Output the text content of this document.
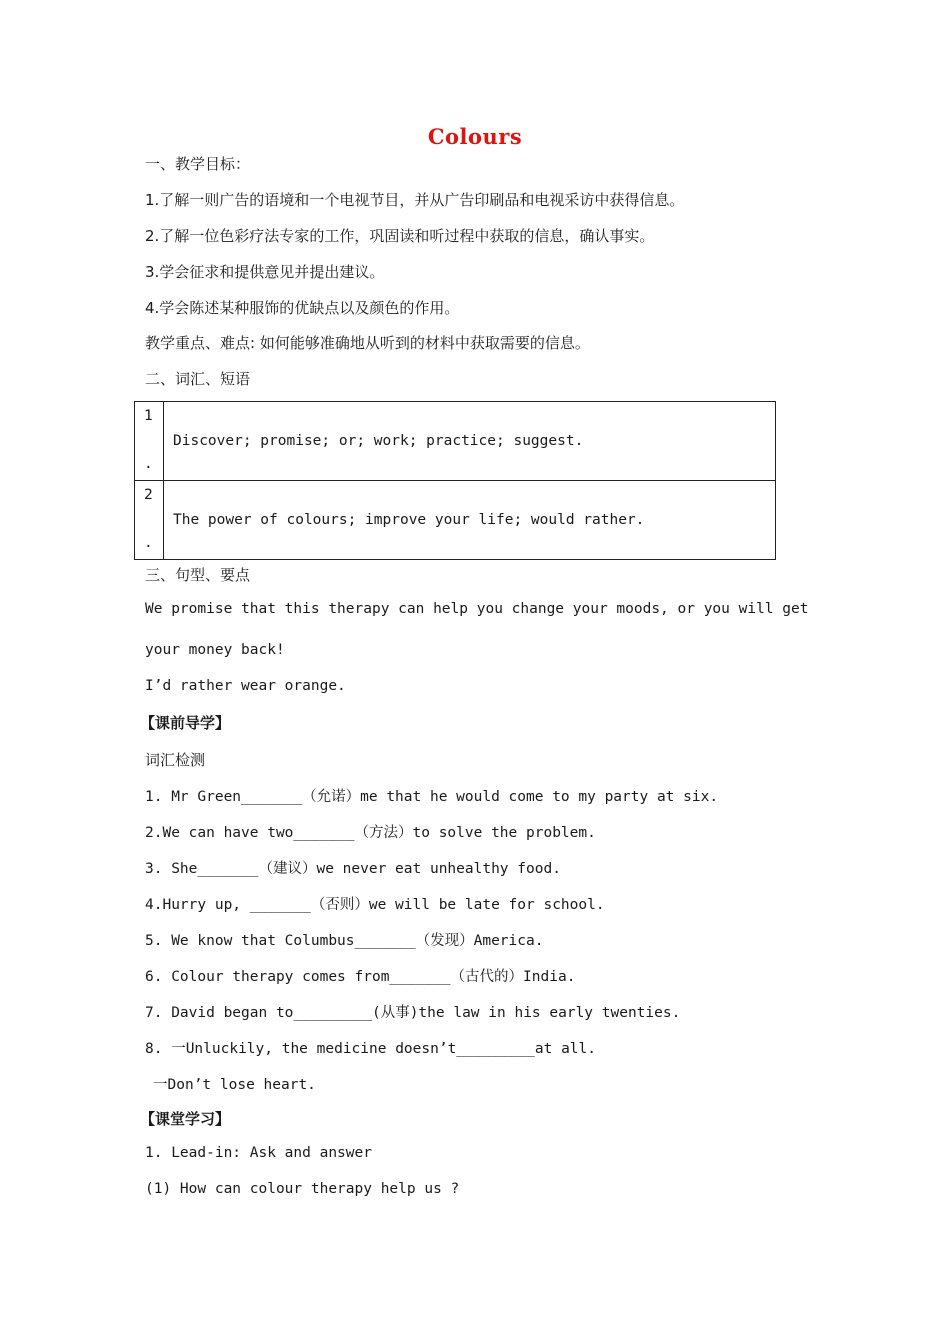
Colours
一、教学目标：
1.了解一则广告的语境和一个电视节目，并从广告印刷品和电视采访中获得信息。
2.了解一位色彩疗法专家的工作，巩固读和听过程中获取的信息，确认事实。
3.学会征求和提供意见并提出建议。
4.学会陈述某种服饰的优缺点以及颜色的作用。
教学重点、难点: 如何能够准确地从听到的材料中获取需要的信息。
二、词汇、短语
1
.	Discover; promise; or; work; practice; suggest.

2
.	The power of colours; improve your life; would rather.
三、句型、要点
We promise that this therapy can help you change your moods, or you will get
your money back!
I’d rather wear orange.
【课前导学】
词汇检测
1. Mr Green_______（允诺）me that he would come to my party at six.
2.We can have two_______（方法）to solve the problem.
3. She_______（建议）we never eat unhealthy food.
4.Hurry up, _______（否则）we will be late for school.
5. We know that Columbus_______（发现）America.
6. Colour therapy comes from_______（古代的）India.
7. David began to_________(从事)the law in his early twenties.
8. 一Unluckily, the medicine doesn’t_________at all.
一Don’t lose heart.
【课堂学习】
1. Lead-in: Ask and answer
(1) How can colour therapy help us ?
